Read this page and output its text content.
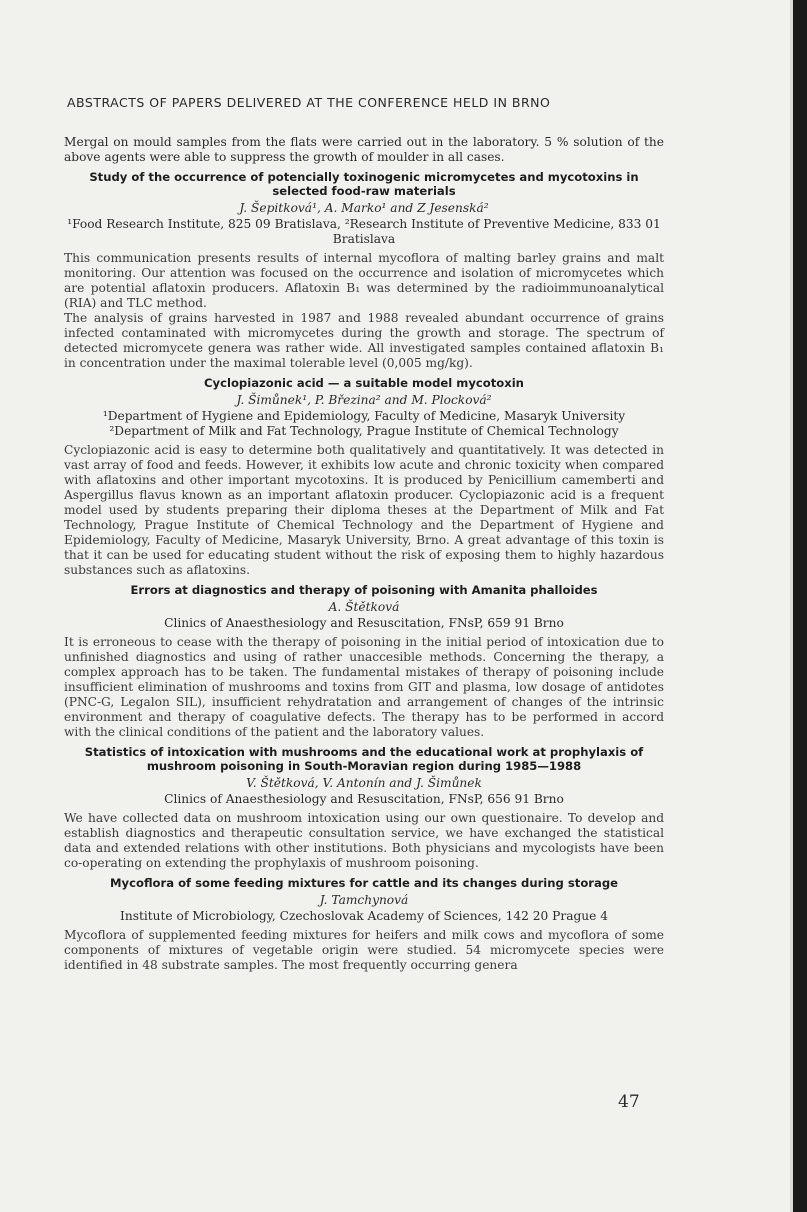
ABSTRACTS OF PAPERS DELIVERED AT THE CONFERENCE HELD IN BRNO

Mergal on mould samples from the flats were carried out in the laboratory. 5 % solution of the above agents were able to suppress the growth of moulder in all cases.

Study of the occurrence of potencially toxinogenic micromycetes and mycotoxins in selected food-raw materials
J. Šepitková¹, A. Marko¹ and Z Jesenská²
¹Food Research Institute, 825 09 Bratislava, ²Research Institute of Preventive Medicine, 833 01 Bratislava

This communication presents results of internal mycoflora of malting barley grains and malt monitoring. Our attention was focused on the occurrence and isolation of micromycetes which are potential aflatoxin producers. Aflatoxin B₁ was determined by the radioimmunoanalytical (RIA) and TLC method.

The analysis of grains harvested in 1987 and 1988 revealed abundant occurrence of grains infected contaminated with micromycetes during the growth and storage. The spectrum of detected micromycete genera was rather wide. All investigated samples contained aflatoxin B₁ in concentration under the maximal tolerable level (0,005 mg/kg).

Cyclopiazonic acid — a suitable model mycotoxin
J. Šimůnek¹, P. Březina² and M. Plocková²
¹Department of Hygiene and Epidemiology, Faculty of Medicine, Masaryk University ²Department of Milk and Fat Technology, Prague Institute of Chemical Technology

Cyclopiazonic acid is easy to determine both qualitatively and quantitatively. It was detected in vast array of food and feeds. However, it exhibits low acute and chronic toxicity when compared with aflatoxins and other important mycotoxins. It is produced by Penicillium camemberti and Aspergillus flavus known as an important aflatoxin producer. Cyclopiazonic acid is a frequent model used by students preparing their diploma theses at the Department of Milk and Fat Technology, Prague Institute of Chemical Technology and the Department of Hygiene and Epidemiology, Faculty of Medicine, Masaryk University, Brno. A great advantage of this toxin is that it can be used for educating student without the risk of exposing them to highly hazardous substances such as aflatoxins.

Errors at diagnostics and therapy of poisoning with Amanita phalloides
A. Štětková
Clinics of Anaesthesiology and Resuscitation, FNsP, 659 91 Brno

It is erroneous to cease with the therapy of poisoning in the initial period of intoxication due to unfinished diagnostics and using of rather unaccesible methods. Concerning the therapy, a complex approach has to be taken. The fundamental mistakes of therapy of poisoning include insufficient elimination of mushrooms and toxins from GIT and plasma, low dosage of antidotes (PNC-G, Legalon SIL), insufficient rehydratation and arrangement of changes of the intrinsic environment and therapy of coagulative defects. The therapy has to be performed in accord with the clinical conditions of the patient and the laboratory values.

Statistics of intoxication with mushrooms and the educational work at prophylaxis of mushroom poisoning in South-Moravian region during 1985—1988
V. Štětková, V. Antonín and J. Šimůnek
Clinics of Anaesthesiology and Resuscitation, FNsP, 656 91 Brno

We have collected data on mushroom intoxication using our own questionaire. To develop and establish diagnostics and therapeutic consultation service, we have exchanged the statistical data and extended relations with other institutions. Both physicians and mycologists have been co-operating on extending the prophylaxis of mushroom poisoning.

Mycoflora of some feeding mixtures for cattle and its changes during storage
J. Tamchynová
Institute of Microbiology, Czechoslovak Academy of Sciences, 142 20 Prague 4

Mycoflora of supplemented feeding mixtures for heifers and milk cows and mycoflora of some components of mixtures of vegetable origin were studied. 54 micromycete species were identified in 48 substrate samples. The most frequently occurring genera

47
